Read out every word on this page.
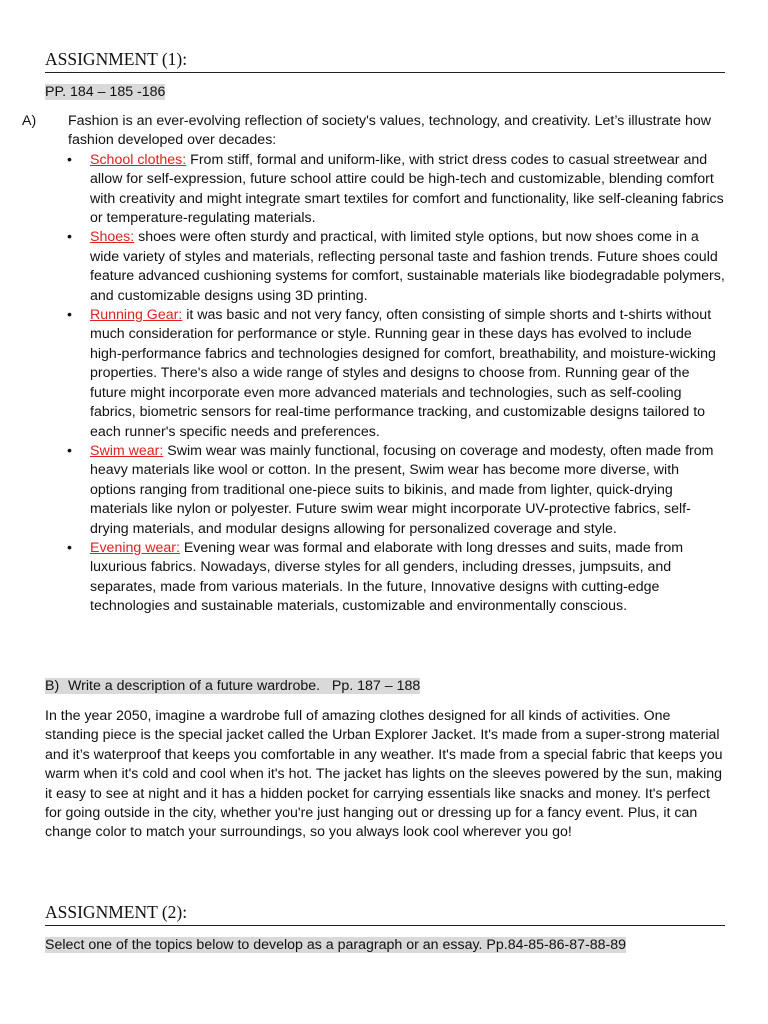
ASSIGNMENT (1):
PP. 184 – 185 -186

A) Fashion is an ever-evolving reflection of society's values, technology, and creativity. Let’s illustrate how fashion developed over decades:

• School clothes: From stiff, formal and uniform-like, with strict dress codes to casual streetwear and allow for self-expression, future school attire could be high-tech and customizable, blending comfort with creativity and might integrate smart textiles for comfort and functionality, like self-cleaning fabrics or temperature-regulating materials.
• Shoes: shoes were often sturdy and practical, with limited style options, but now shoes come in a wide variety of styles and materials, reflecting personal taste and fashion trends. Future shoes could feature advanced cushioning systems for comfort, sustainable materials like biodegradable polymers, and customizable designs using 3D printing.
• Running Gear: it was basic and not very fancy, often consisting of simple shorts and t-shirts without much consideration for performance or style. Running gear in these days has evolved to include high-performance fabrics and technologies designed for comfort, breathability, and moisture-wicking properties. There's also a wide range of styles and designs to choose from. Running gear of the future might incorporate even more advanced materials and technologies, such as self-cooling fabrics, biometric sensors for real-time performance tracking, and customizable designs tailored to each runner's specific needs and preferences.
• Swim wear: Swim wear was mainly functional, focusing on coverage and modesty, often made from heavy materials like wool or cotton. In the present, Swim wear has become more diverse, with options ranging from traditional one-piece suits to bikinis, and made from lighter, quick-drying materials like nylon or polyester. Future swim wear might incorporate UV-protective fabrics, self-drying materials, and modular designs allowing for personalized coverage and style.
• Evening wear: Evening wear was formal and elaborate with long dresses and suits, made from luxurious fabrics. Nowadays, diverse styles for all genders, including dresses, jumpsuits, and separates, made from various materials. In the future, Innovative designs with cutting-edge technologies and sustainable materials, customizable and environmentally conscious.
B) Write a description of a future wardrobe.   Pp. 187 – 188

In the year 2050, imagine a wardrobe full of amazing clothes designed for all kinds of activities. One standing piece is the special jacket called the Urban Explorer Jacket. It's made from a super-strong material and it’s waterproof that keeps you comfortable in any weather. It's made from a special fabric that keeps you warm when it's cold and cool when it's hot. The jacket has lights on the sleeves powered by the sun, making it easy to see at night and it has a hidden pocket for carrying essentials like snacks and money. It's perfect for going outside in the city, whether you're just hanging out or dressing up for a fancy event. Plus, it can change color to match your surroundings, so you always look cool wherever you go!

ASSIGNMENT (2):
Select one of the topics below to develop as a paragraph or an essay. Pp.84-85-86-87-88-89
